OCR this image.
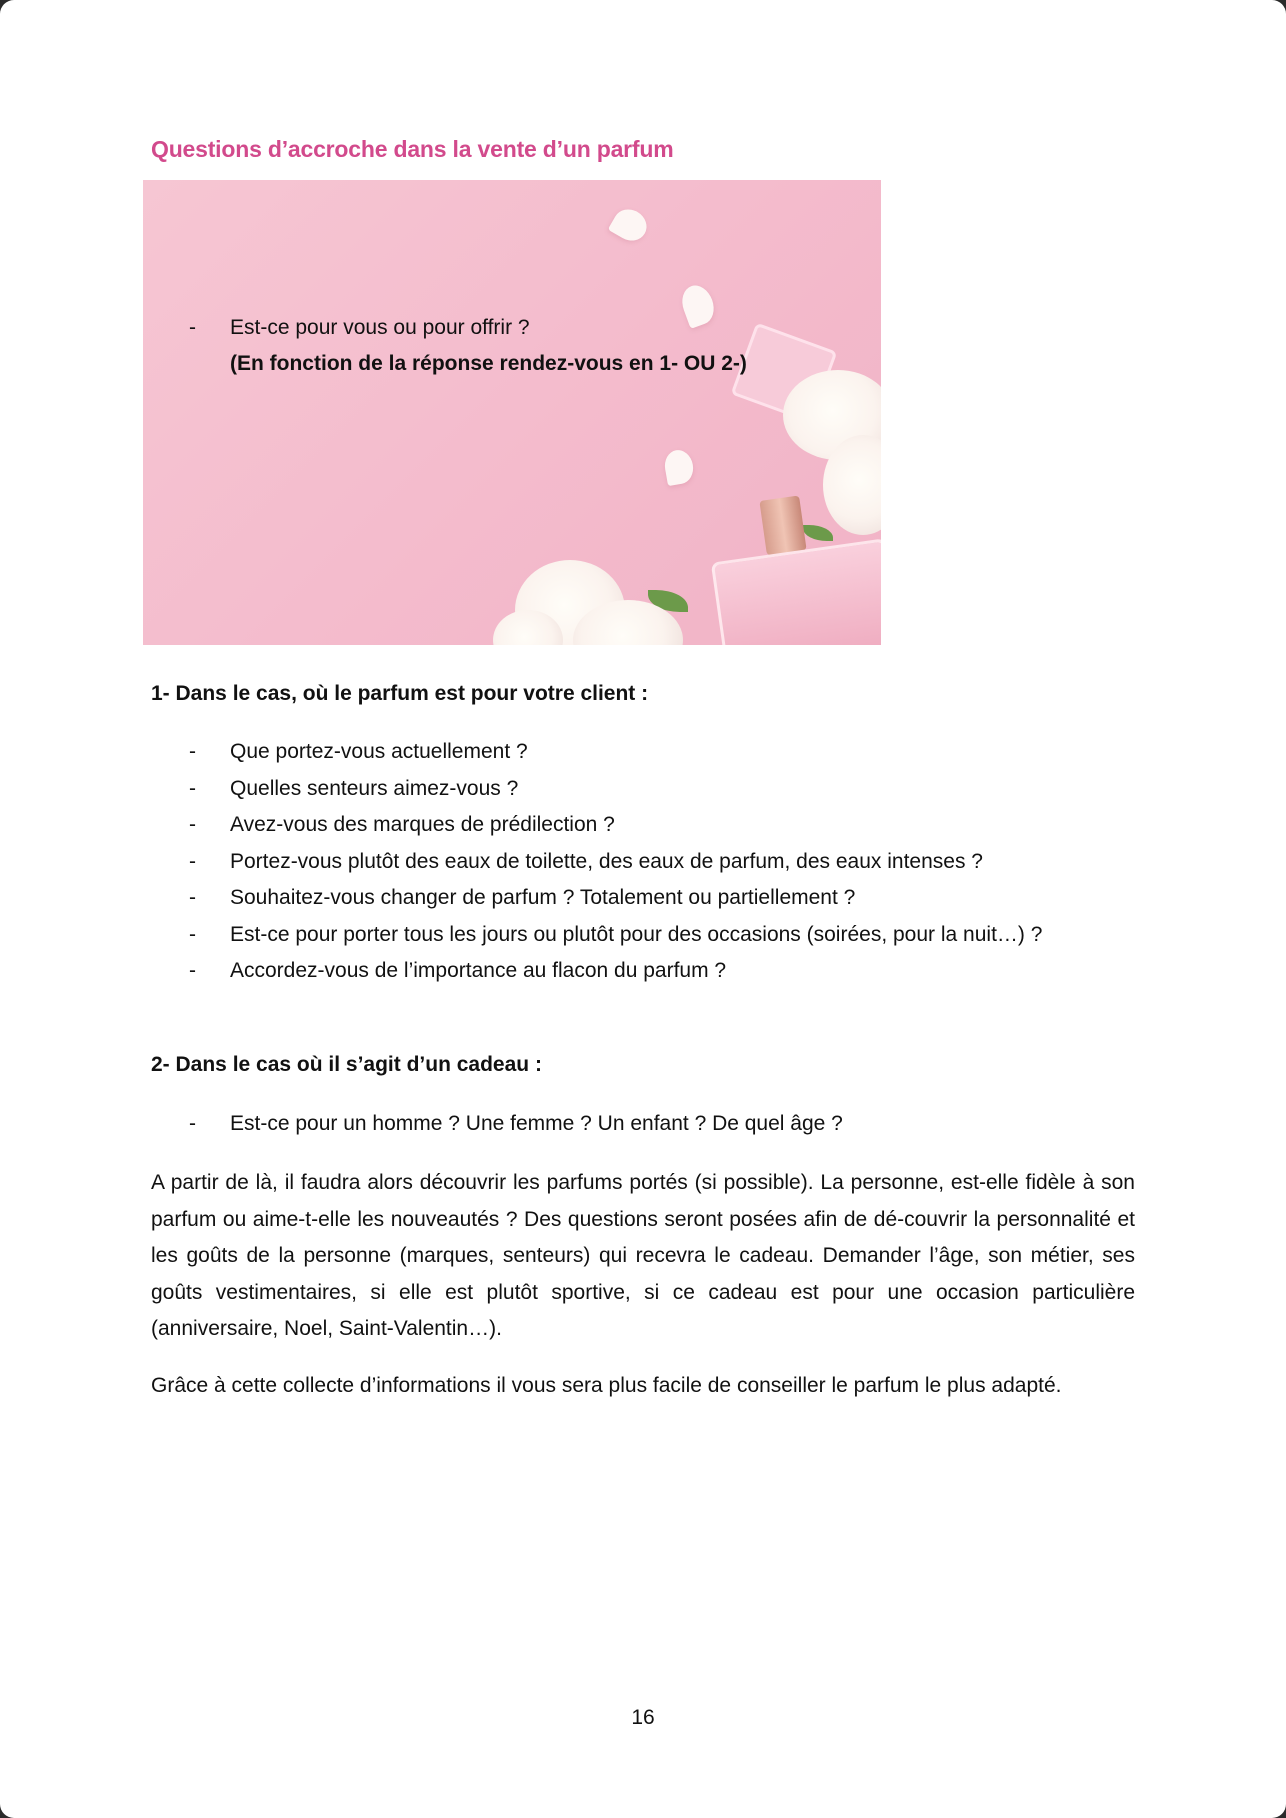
Questions d’accroche dans la vente d’un parfum
- Est-ce pour vous ou pour offrir ?
(En fonction de la réponse rendez-vous en 1- OU 2-)
1- Dans le cas, où le parfum est pour votre client :
- Que portez-vous actuellement ?
- Quelles senteurs aimez-vous ?
- Avez-vous des marques de prédilection ?
- Portez-vous plutôt des eaux de toilette, des eaux de parfum, des eaux intenses ?
- Souhaitez-vous changer de parfum ? Totalement ou partiellement ?
- Est-ce pour porter tous les jours ou plutôt pour des occasions (soirées, pour la nuit…) ?
- Accordez-vous de l’importance au flacon du parfum ?
2- Dans le cas où il s’agit d’un cadeau :
- Est-ce pour un homme ? Une femme ? Un enfant ? De quel âge ?
A partir de là, il faudra alors découvrir les parfums portés (si possible). La personne, est-elle fidèle à son parfum ou aime-t-elle les nouveautés ? Des questions seront posées afin de dé-couvrir la personnalité et les goûts de la personne (marques, senteurs) qui recevra le cadeau. Demander l’âge, son métier, ses goûts vestimentaires, si elle est plutôt sportive, si ce cadeau est pour une occasion particulière (anniversaire, Noel, Saint-Valentin…).
Grâce à cette collecte d’informations il vous sera plus facile de conseiller le parfum le plus adapté.
16
